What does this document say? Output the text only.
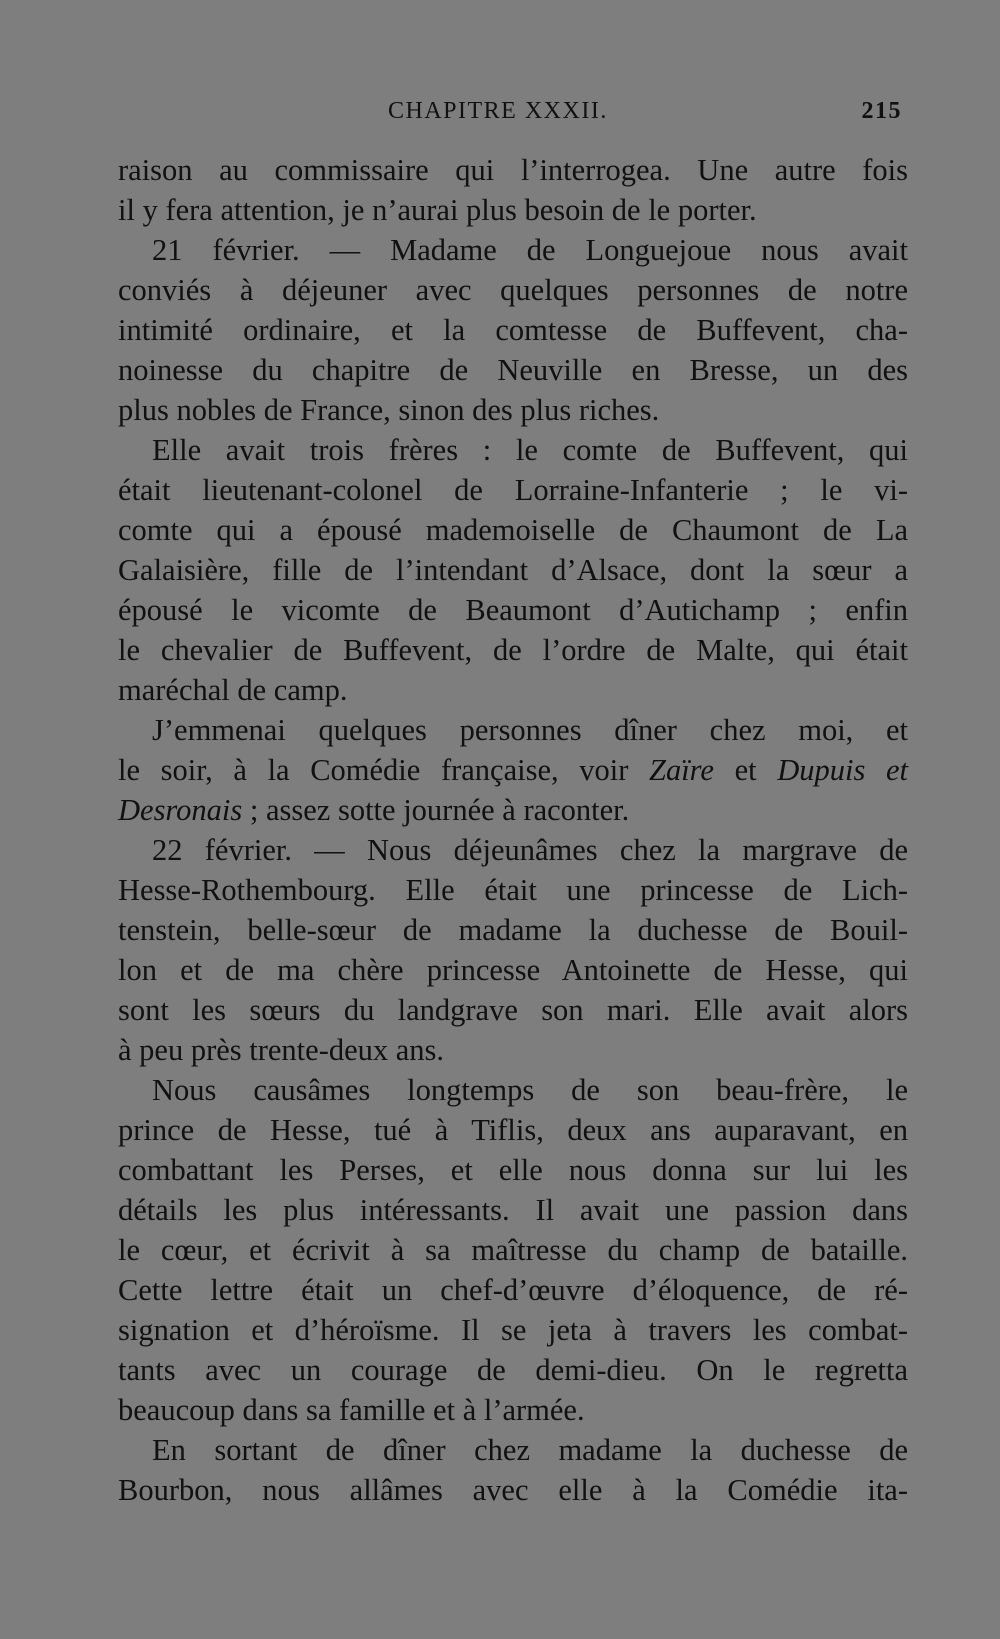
CHAPITRE XXXII.	215
raison au commissaire qui l’interrogea. Une autre fois
il y fera attention, je n’aurai plus besoin de le porter.
21 février. — Madame de Longuejoue nous avait
conviés à déjeuner avec quelques personnes de notre
intimité ordinaire, et la comtesse de Buffevent, cha-
noinesse du chapitre de Neuville en Bresse, un des
plus nobles de France, sinon des plus riches.
Elle avait trois frères : le comte de Buffevent, qui
était lieutenant-colonel de Lorraine-Infanterie ; le vi-
comte qui a épousé mademoiselle de Chaumont de La
Galaisière, fille de l’intendant d’Alsace, dont la sœur a
épousé le vicomte de Beaumont d’Autichamp ; enfin
le chevalier de Buffevent, de l’ordre de Malte, qui était
maréchal de camp.
J’emmenai quelques personnes dîner chez moi, et
le soir, à la Comédie française, voir Zaïre et Dupuis et
Desronais ; assez sotte journée à raconter.
22 février. — Nous déjeunâmes chez la margrave de
Hesse-Rothembourg. Elle était une princesse de Lich-
tenstein, belle-sœur de madame la duchesse de Bouil-
lon et de ma chère princesse Antoinette de Hesse, qui
sont les sœurs du landgrave son mari. Elle avait alors
à peu près trente-deux ans.
Nous causâmes longtemps de son beau-frère, le
prince de Hesse, tué à Tiflis, deux ans auparavant, en
combattant les Perses, et elle nous donna sur lui les
détails les plus intéressants. Il avait une passion dans
le cœur, et écrivit à sa maîtresse du champ de bataille.
Cette lettre était un chef-d’œuvre d’éloquence, de ré-
signation et d’héroïsme. Il se jeta à travers les combat-
tants avec un courage de demi-dieu. On le regretta
beaucoup dans sa famille et à l’armée.
En sortant de dîner chez madame la duchesse de
Bourbon, nous allâmes avec elle à la Comédie ita-
